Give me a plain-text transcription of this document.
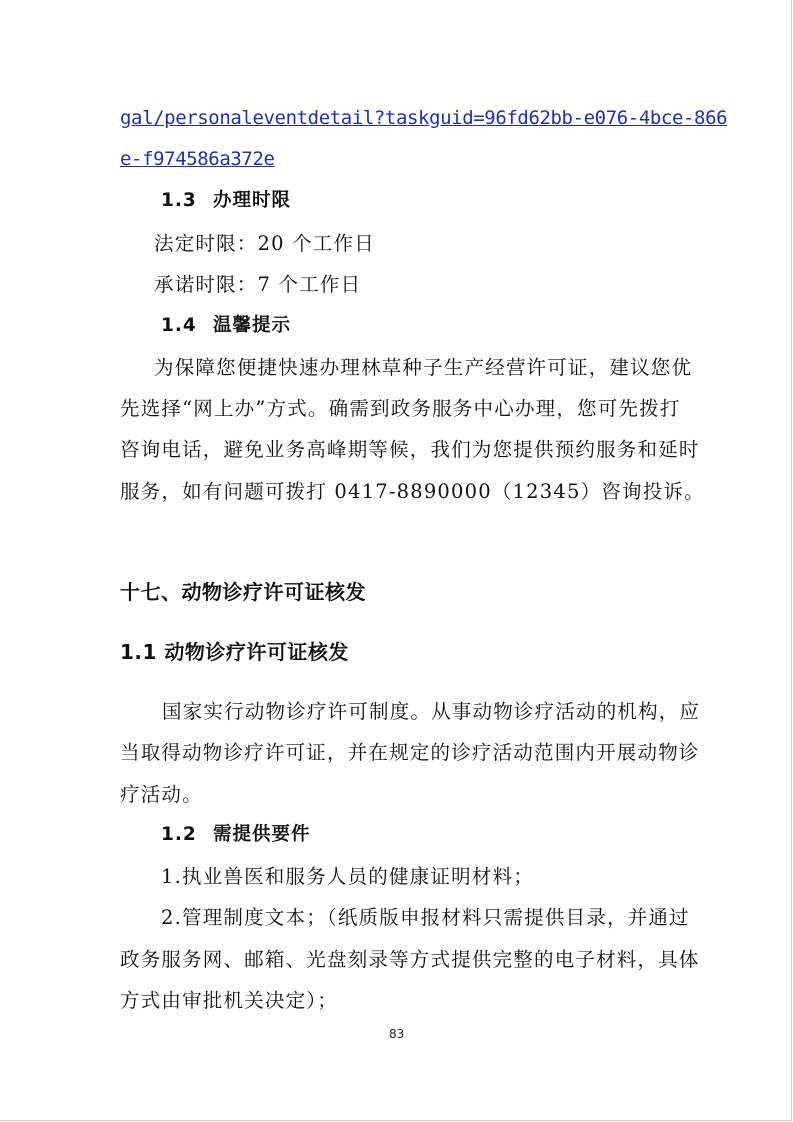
gal/personaleventdetail?taskguid=96fd62bb-e076-4bce-866
e-f974586a372e
1.3 办理时限
法定时限：20 个工作日
承诺时限：7 个工作日
1.4 温馨提示
为保障您便捷快速办理林草种子生产经营许可证，建议您优
先选择“网上办”方式。确需到政务服务中心办理，您可先拨打
咨询电话，避免业务高峰期等候，我们为您提供预约服务和延时
服务，如有问题可拨打 0417-8890000（12345）咨询投诉。
十七、动物诊疗许可证核发
1.1 动物诊疗许可证核发
国家实行动物诊疗许可制度。从事动物诊疗活动的机构，应
当取得动物诊疗许可证，并在规定的诊疗活动范围内开展动物诊
疗活动。
1.2 需提供要件
1.执业兽医和服务人员的健康证明材料；
2.管理制度文本；（纸质版申报材料只需提供目录，并通过
政务服务网、邮箱、光盘刻录等方式提供完整的电子材料，具体
方式由审批机关决定）；
83
